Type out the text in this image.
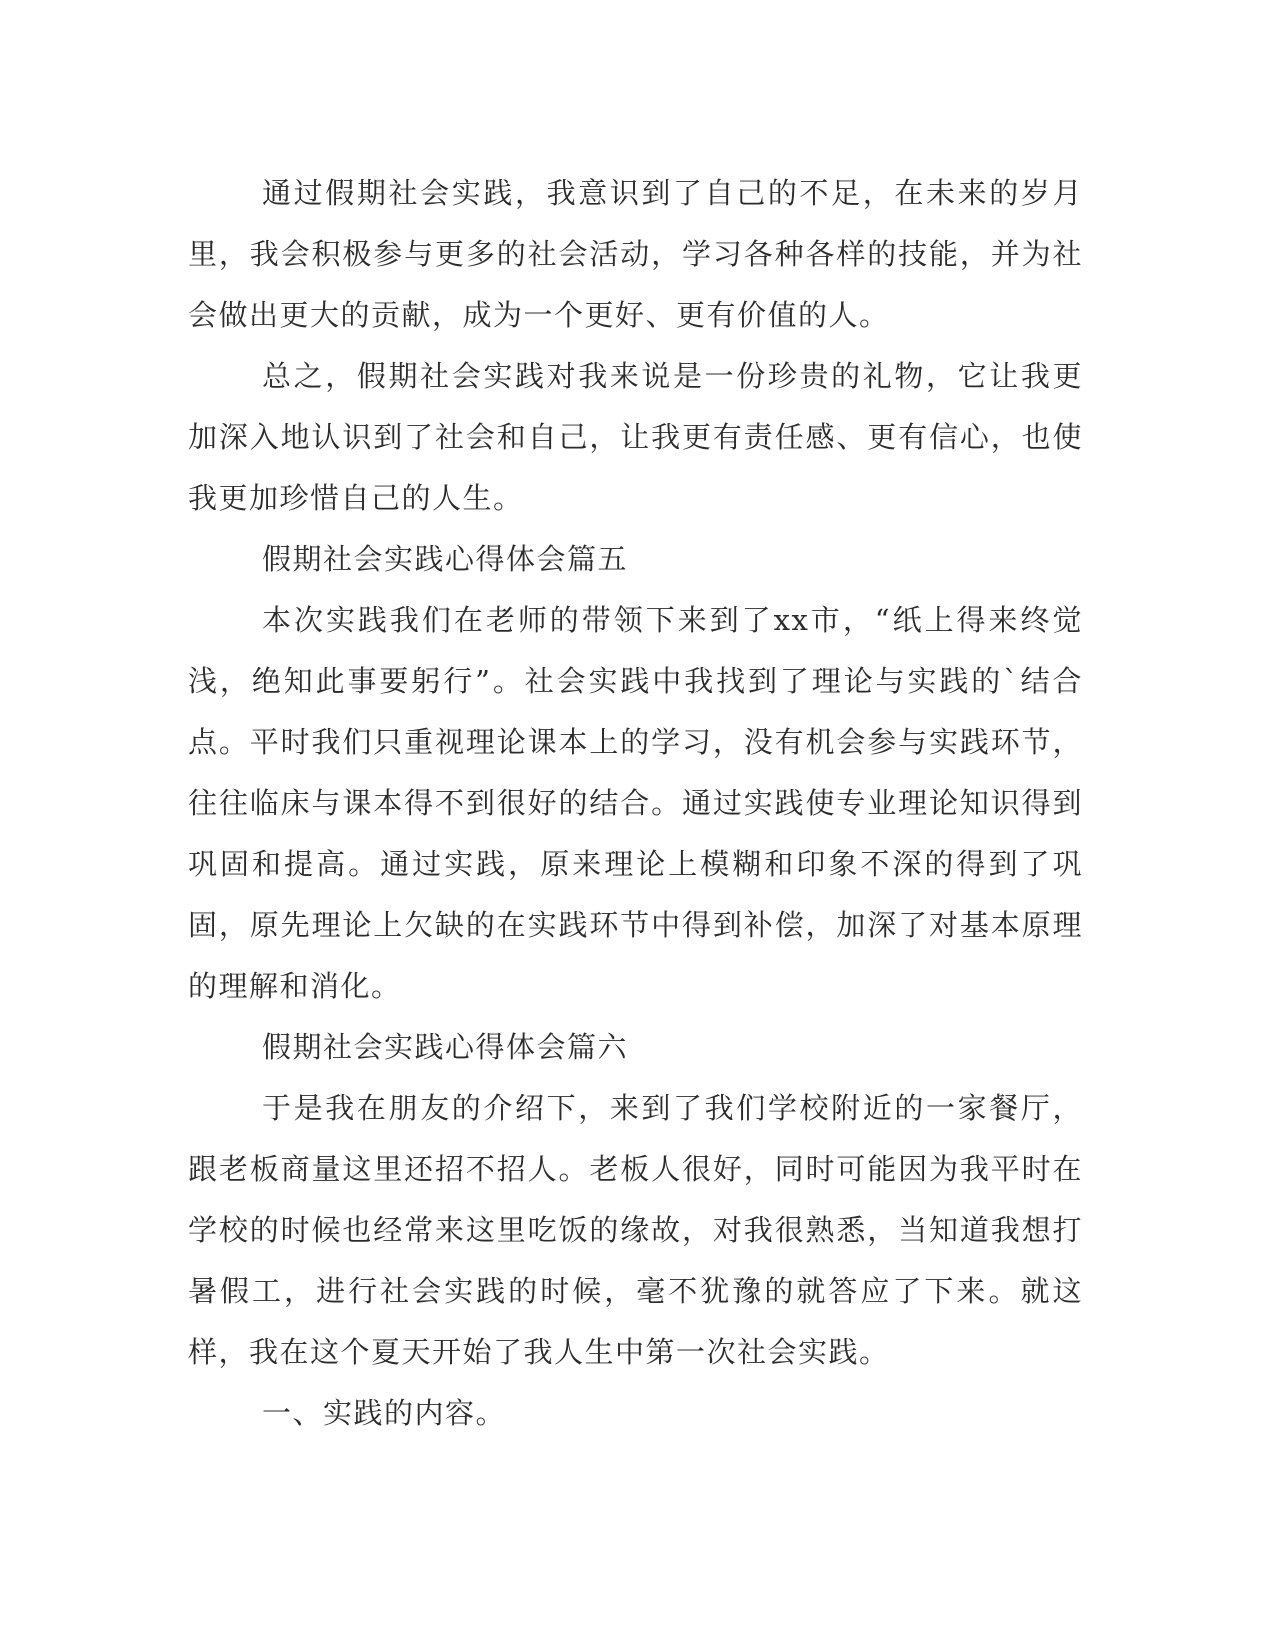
通过假期社会实践，我意识到了自己的不足，在未来的岁月里，我会积极参与更多的社会活动，学习各种各样的技能，并为社会做出更大的贡献，成为一个更好、更有价值的人。

总之，假期社会实践对我来说是一份珍贵的礼物，它让我更加深入地认识到了社会和自己，让我更有责任感、更有信心，也使我更加珍惜自己的人生。

假期社会实践心得体会篇五

本次实践我们在老师的带领下来到了xx市，“纸上得来终觉浅，绝知此事要躬行”。社会实践中我找到了理论与实践的`结合点。平时我们只重视理论课本上的学习，没有机会参与实践环节，往往临床与课本得不到很好的结合。通过实践使专业理论知识得到巩固和提高。通过实践，原来理论上模糊和印象不深的得到了巩固，原先理论上欠缺的在实践环节中得到补偿，加深了对基本原理的理解和消化。

假期社会实践心得体会篇六

于是我在朋友的介绍下，来到了我们学校附近的一家餐厅，跟老板商量这里还招不招人。老板人很好，同时可能因为我平时在学校的时候也经常来这里吃饭的缘故，对我很熟悉，当知道我想打暑假工，进行社会实践的时候，毫不犹豫的就答应了下来。就这样，我在这个夏天开始了我人生中第一次社会实践。

一、实践的内容。
